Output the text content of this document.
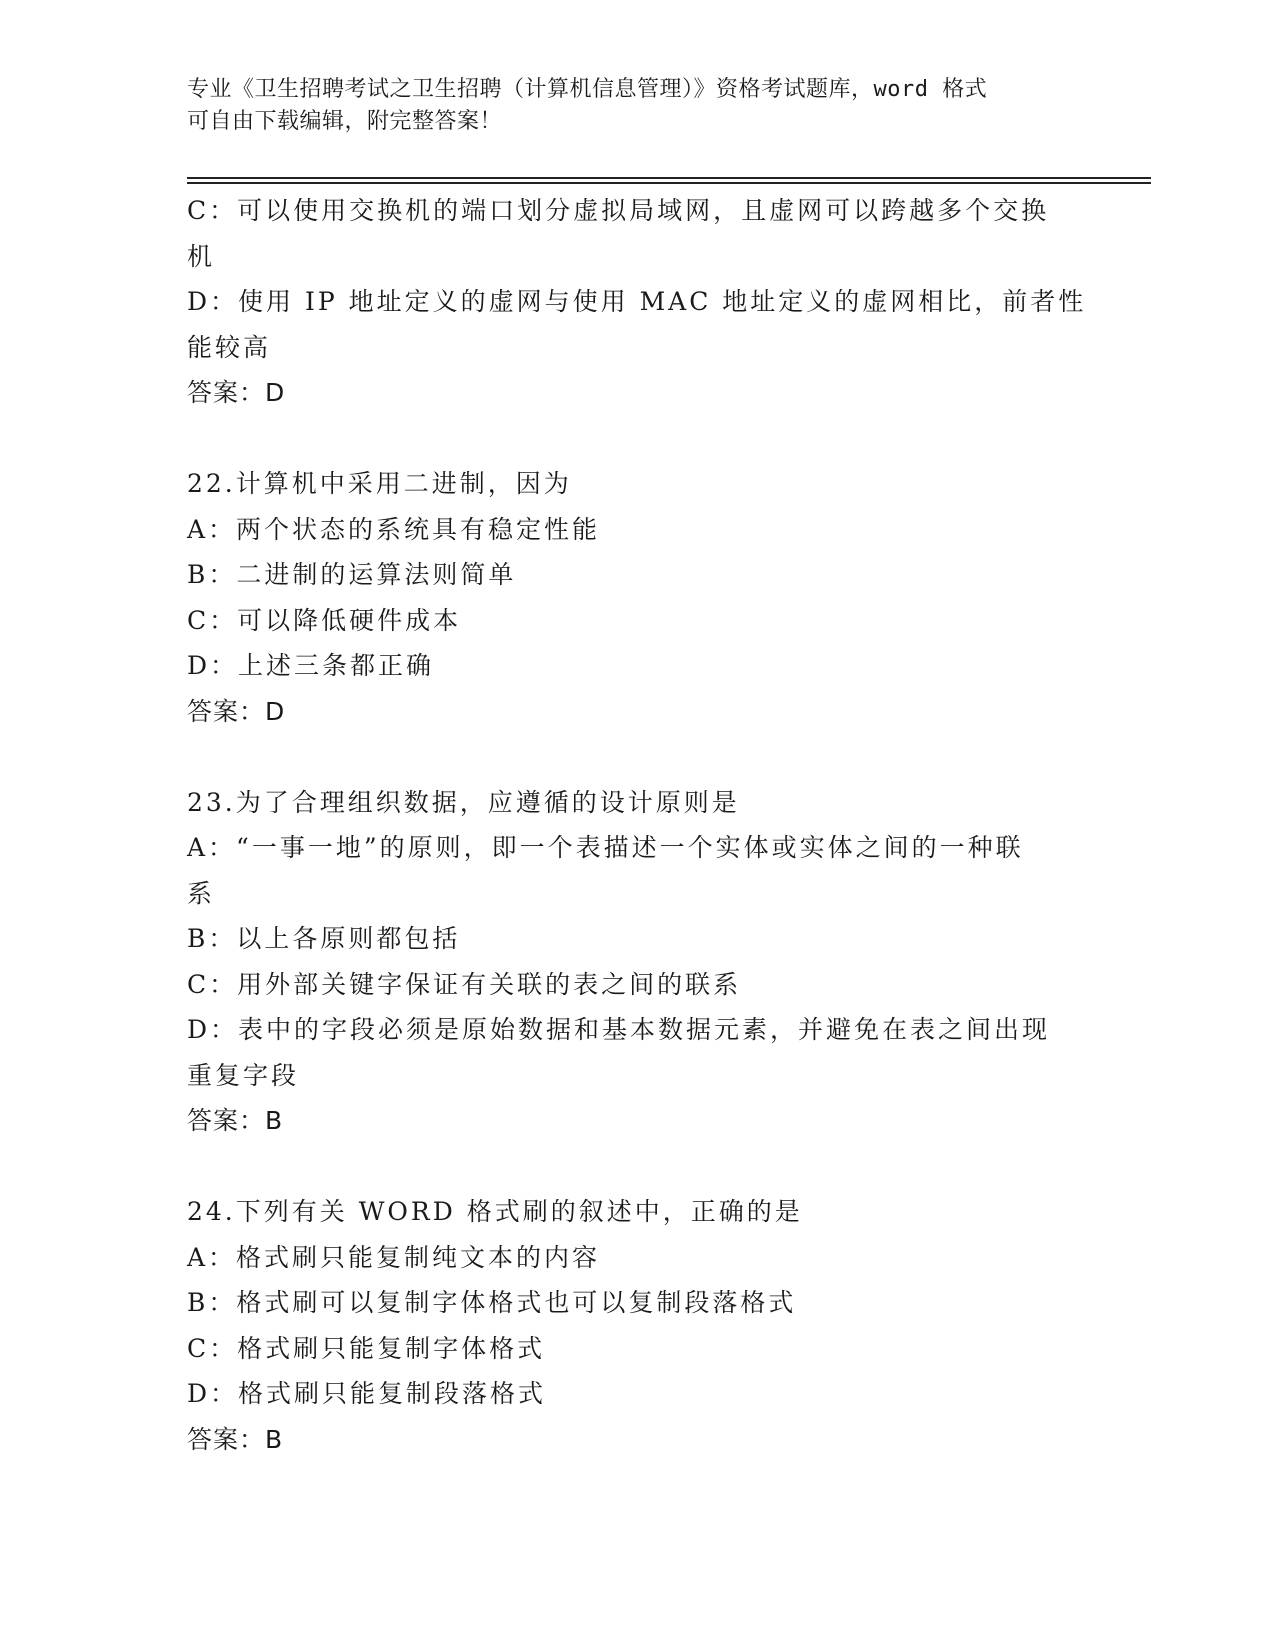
专业《卫生招聘考试之卫生招聘（计算机信息管理）》资格考试题库，word 格式
可自由下载编辑，附完整答案！
C：可以使用交换机的端口划分虚拟局域网，且虚网可以跨越多个交换
机
D：使用 IP 地址定义的虚网与使用 MAC 地址定义的虚网相比，前者性
能较高
答案：D
22.计算机中采用二进制，因为
A：两个状态的系统具有稳定性能
B：二进制的运算法则简单
C：可以降低硬件成本
D：上述三条都正确
答案：D
23.为了合理组织数据，应遵循的设计原则是
A：“一事一地”的原则，即一个表描述一个实体或实体之间的一种联
系
B：以上各原则都包括
C：用外部关键字保证有关联的表之间的联系
D：表中的字段必须是原始数据和基本数据元素，并避免在表之间出现
重复字段
答案：B
24.下列有关 WORD 格式刷的叙述中，正确的是
A：格式刷只能复制纯文本的内容
B：格式刷可以复制字体格式也可以复制段落格式
C：格式刷只能复制字体格式
D：格式刷只能复制段落格式
答案：B
